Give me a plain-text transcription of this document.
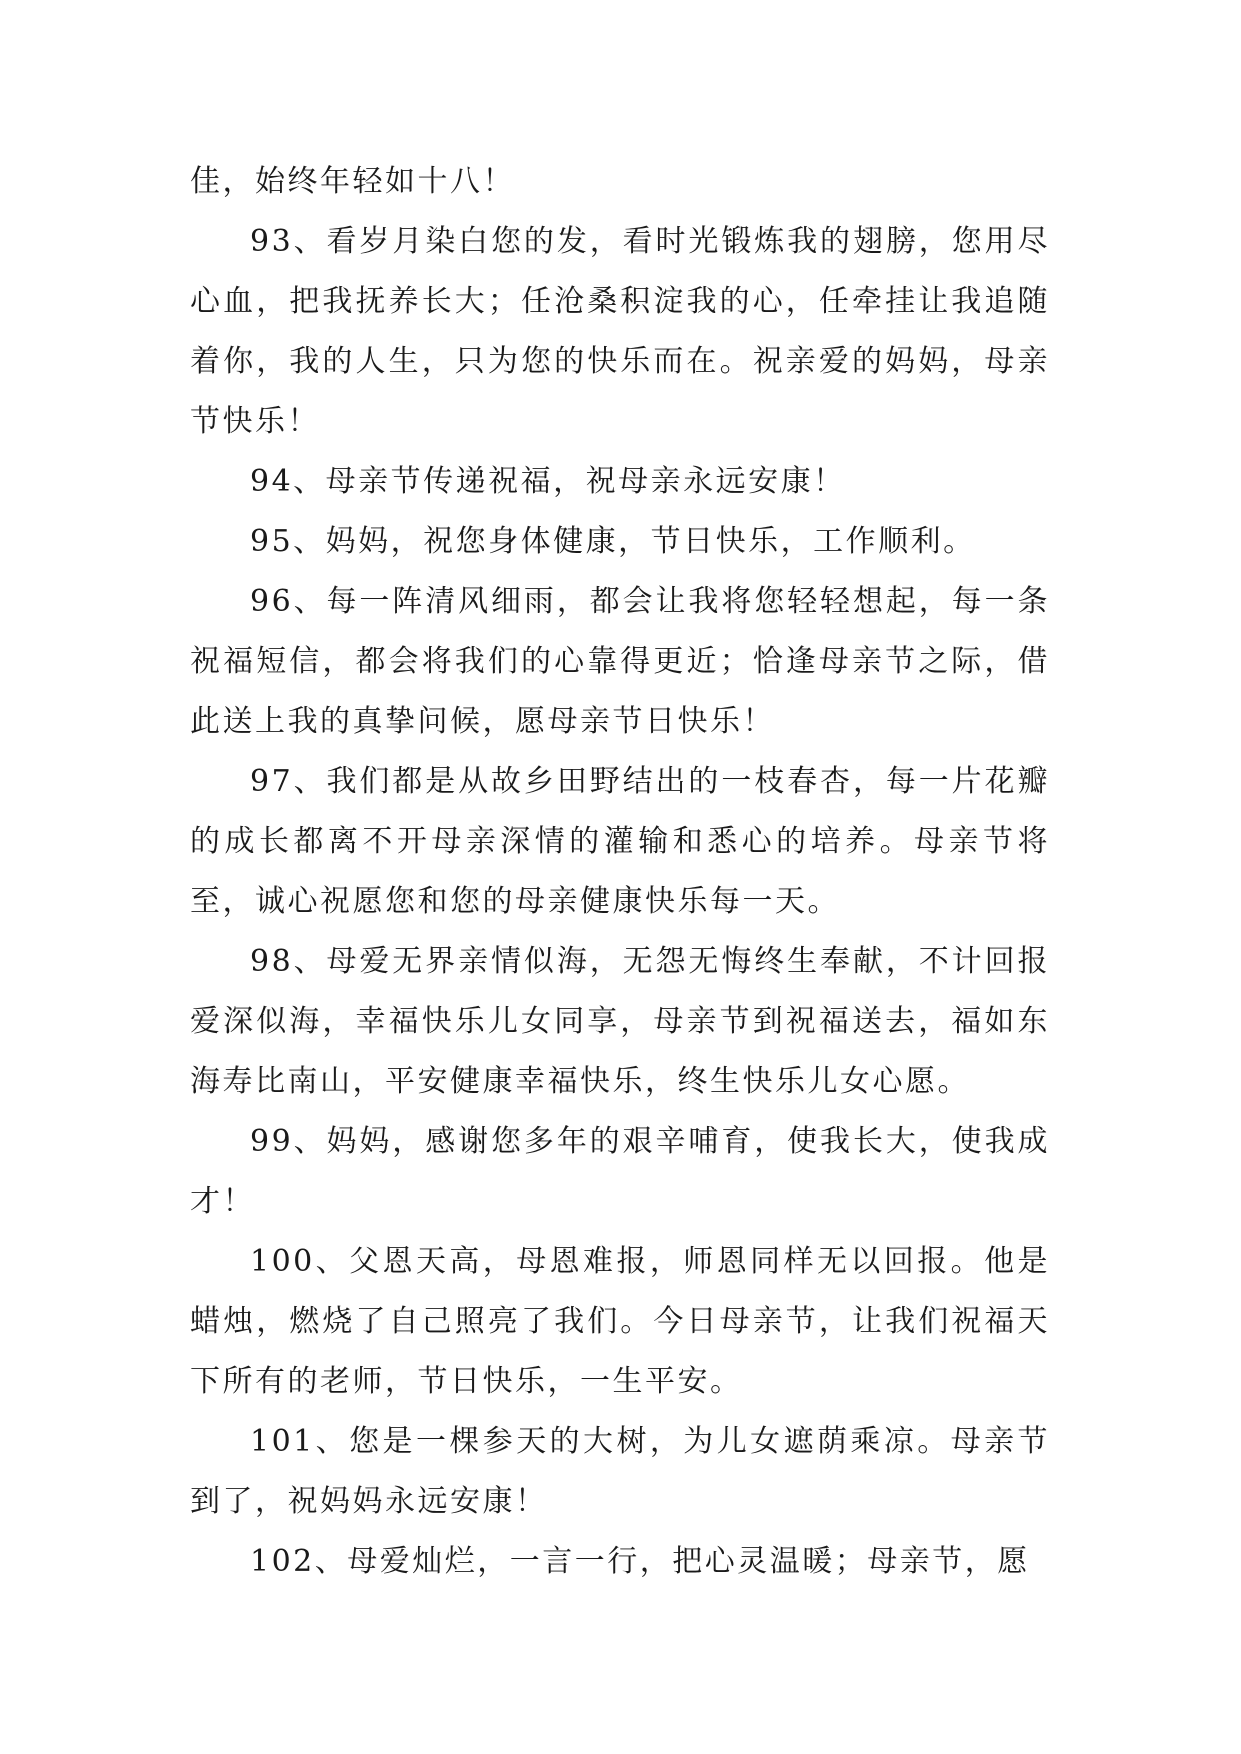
佳，始终年轻如十八！

93、看岁月染白您的发，看时光锻炼我的翅膀，您用尽心血，把我抚养长大；任沧桑积淀我的心，任牵挂让我追随着你，我的人生，只为您的快乐而在。祝亲爱的妈妈，母亲节快乐！

94、母亲节传递祝福，祝母亲永远安康！

95、妈妈，祝您身体健康，节日快乐，工作顺利。

96、每一阵清风细雨，都会让我将您轻轻想起，每一条祝福短信，都会将我们的心靠得更近；恰逢母亲节之际，借此送上我的真挚问候，愿母亲节日快乐！

97、我们都是从故乡田野结出的一枝春杏，每一片花瓣的成长都离不开母亲深情的灌输和悉心的培养。母亲节将至，诚心祝愿您和您的母亲健康快乐每一天。

98、母爱无界亲情似海，无怨无悔终生奉献，不计回报爱深似海，幸福快乐儿女同享，母亲节到祝福送去，福如东海寿比南山，平安健康幸福快乐，终生快乐儿女心愿。

99、妈妈，感谢您多年的艰辛哺育，使我长大，使我成才！

100、父恩天高，母恩难报，师恩同样无以回报。他是蜡烛，燃烧了自己照亮了我们。今日母亲节，让我们祝福天下所有的老师，节日快乐，一生平安。

101、您是一棵参天的大树，为儿女遮荫乘凉。母亲节到了，祝妈妈永远安康！

102、母爱灿烂，一言一行，把心灵温暖；母亲节，愿
